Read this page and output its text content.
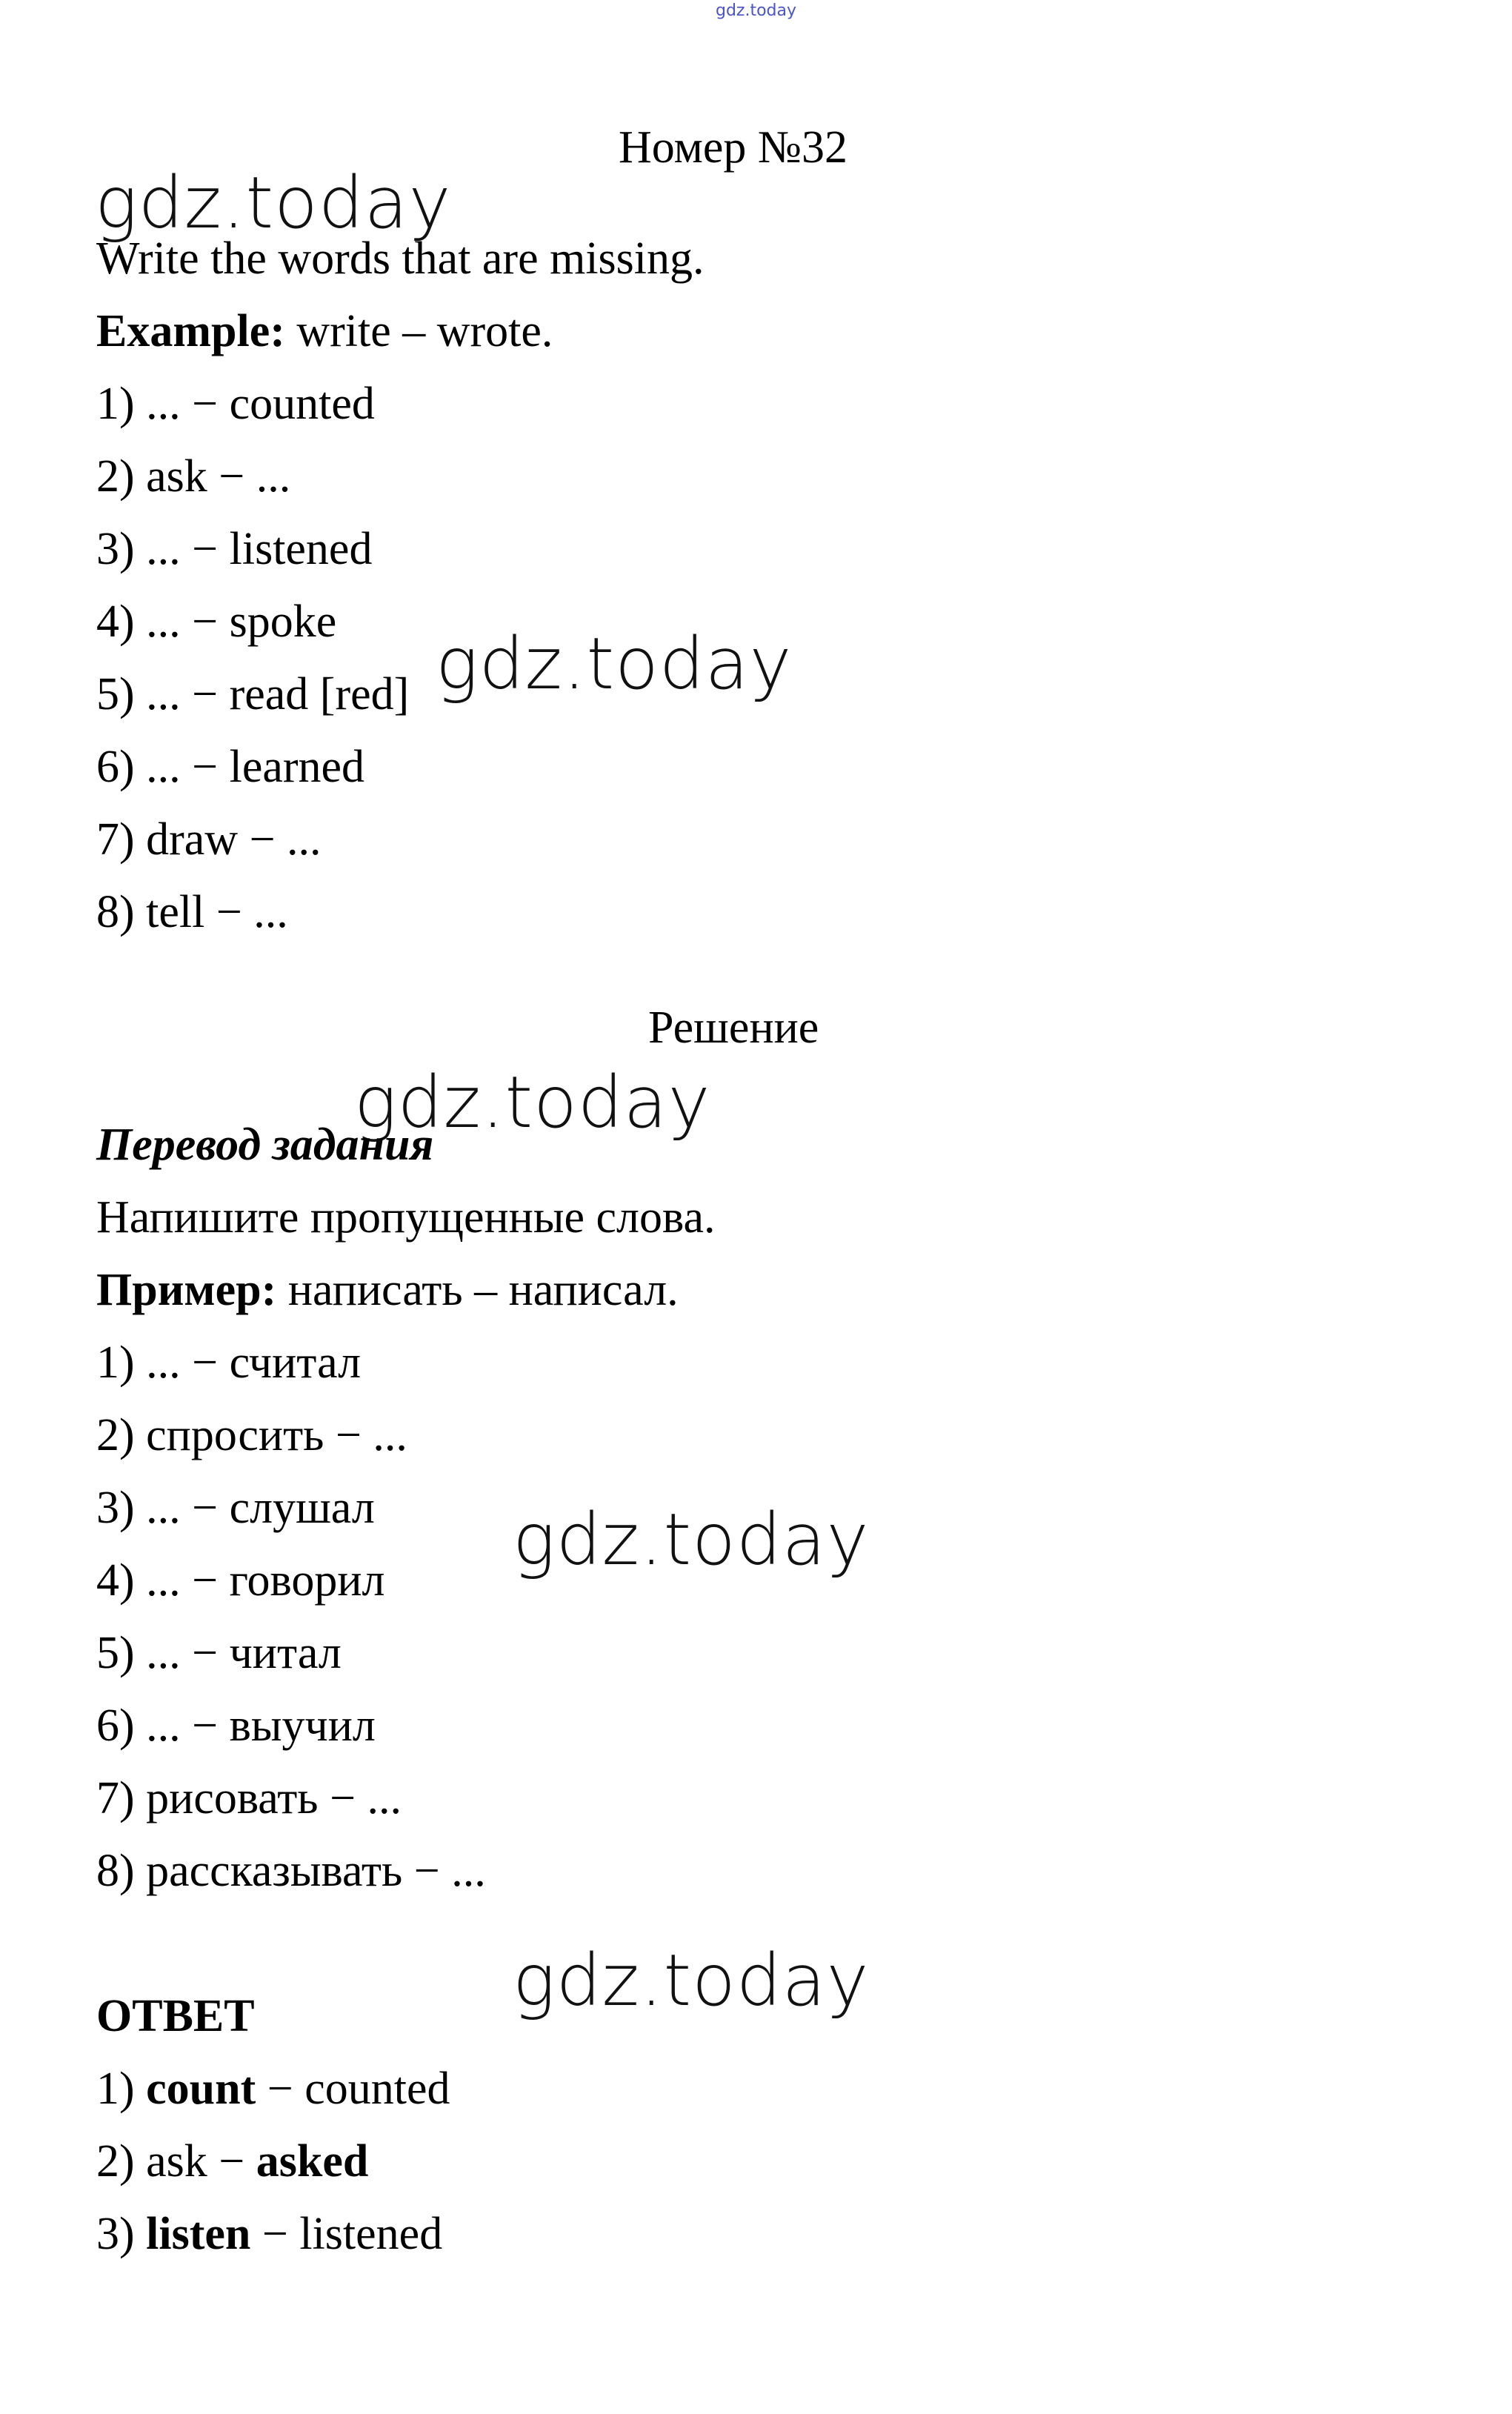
gdz.today
Номер №32
gdz.today
gdz.today
gdz.today
gdz.today
gdz.today
Write the words that are missing.
Example: write – wrote.
1) ... − counted
2) ask − ...
3) ... − listened
4) ... − spoke
5) ... − read [red]
6) ... − learned
7) draw − ...
8) tell − ...
Решение
Перевод задания
Напишите пропущенные слова.
Пример: написать – написал.
1) ... − считал
2) спросить − ...
3) ... − слушал
4) ... − говорил
5) ... − читал
6) ... − выучил
7) рисовать − ...
8) рассказывать − ...
ОТВЕТ
1) count − counted
2) ask − asked
3) listen − listened
